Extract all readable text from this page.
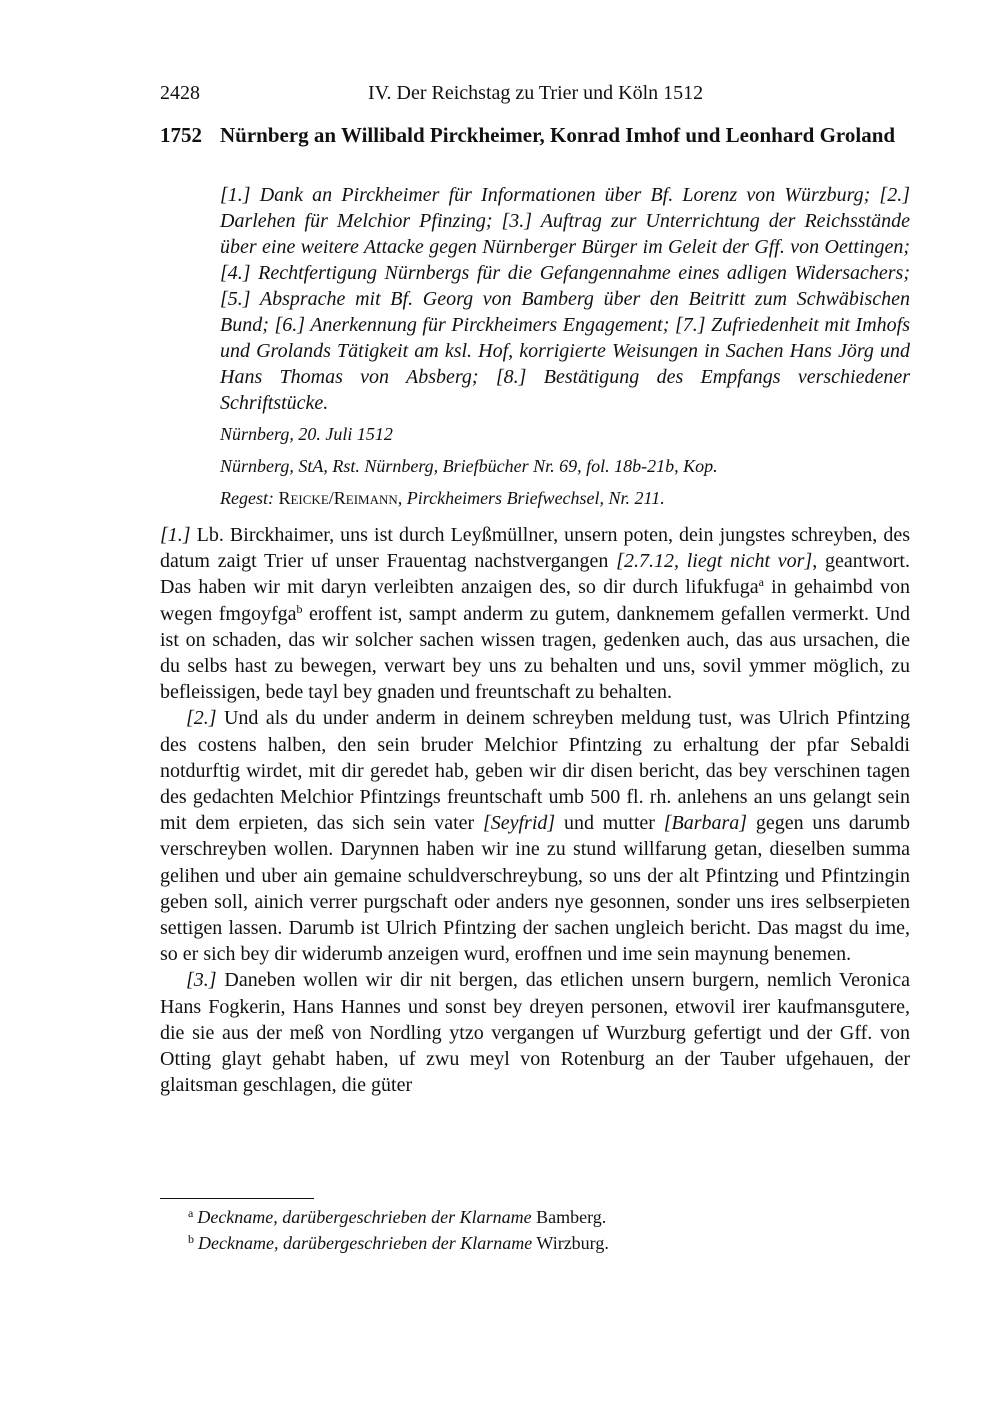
2428	IV. Der Reichstag zu Trier und Köln 1512
1752 Nürnberg an Willibald Pirckheimer, Konrad Imhof und Leonhard Groland

[1.] Dank an Pirckheimer für Informationen über Bf. Lorenz von Würzburg; [2.] Darlehen für Melchior Pfinzing; [3.] Auftrag zur Unterrichtung der Reichsstände über eine weitere Attacke gegen Nürnberger Bürger im Geleit der Gff. von Oettingen; [4.] Rechtfertigung Nürnbergs für die Gefangennahme eines adligen Widersachers; [5.] Absprache mit Bf. Georg von Bamberg über den Beitritt zum Schwäbischen Bund; [6.] Anerkennung für Pirckheimers Engagement; [7.] Zufriedenheit mit Imhofs und Grolands Tätigkeit am ksl. Hof, korrigierte Weisungen in Sachen Hans Jörg und Hans Thomas von Absberg; [8.] Bestätigung des Empfangs verschiedener Schriftstücke.

Nürnberg, 20. Juli 1512

Nürnberg, StA, Rst. Nürnberg, Briefbücher Nr. 69, fol. 18b-21b, Kop.

Regest: Reicke/Reimann, Pirckheimers Briefwechsel, Nr. 211.

[1.] Lb. Birckhaimer, uns ist durch Leyßmüllner, unsern poten, dein jungstes schreyben, des datum zaigt Trier uf unser Frauentag nachstvergangen [2.7.12, liegt nicht vor], geantwort. Das haben wir mit daryn verleibten anzaigen des, so dir durch lifukfuga$^a$ in gehaimbd von wegen fmgoyfga$^b$ eroffent ist, sampt anderm zu gutem, danknemem gefallen vermerkt. Und ist on schaden, das wir solcher sachen wissen tragen, gedenken auch, das aus ursachen, die du selbs hast zu bewegen, verwart bey uns zu behalten und uns, sovil ymmer möglich, zu befleissigen, bede tayl bey gnaden und freuntschaft zu behalten.

[2.] Und als du under anderm in deinem schreyben meldung tust, was Ulrich Pfintzing des costens halben, den sein bruder Melchior Pfintzing zu erhaltung der pfar Sebaldi notdurftig wirdet, mit dir geredet hab, geben wir dir disen bericht, das bey verschinen tagen des gedachten Melchior Pfintzings freuntschaft umb 500 fl. rh. anlehens an uns gelangt sein mit dem erpieten, das sich sein vater [Seyfrid] und mutter [Barbara] gegen uns darumb verschreyben wollen. Darynnen haben wir ine zu stund willfarung getan, dieselben summa gelihen und uber ain gemaine schuldverschreybung, so uns der alt Pfintzing und Pfintzingin geben soll, ainich verrer purgschaft oder anders nye gesonnen, sonder uns ires selbserpieten settigen lassen. Darumb ist Ulrich Pfintzing der sachen ungleich bericht. Das magst du ime, so er sich bey dir widerumb anzeigen wurd, eroffnen und ime sein maynung benemen.

[3.] Daneben wollen wir dir nit bergen, das etlichen unsern burgern, nemlich Veronica Hans Fogkerin, Hans Hannes und sonst bey dreyen personen, etwovil irer kaufmansgutere, die sie aus der meß von Nordling ytzo vergangen uf Wurzburg gefertigt und der Gff. von Otting glayt gehabt haben, uf zwu meyl von Rotenburg an der Tauber ufgehauen, der glaitsman geschlagen, die güter

$^a$ Deckname, darübergeschrieben der Klarname Bamberg.

$^b$ Deckname, darübergeschrieben der Klarname Wirzburg.
